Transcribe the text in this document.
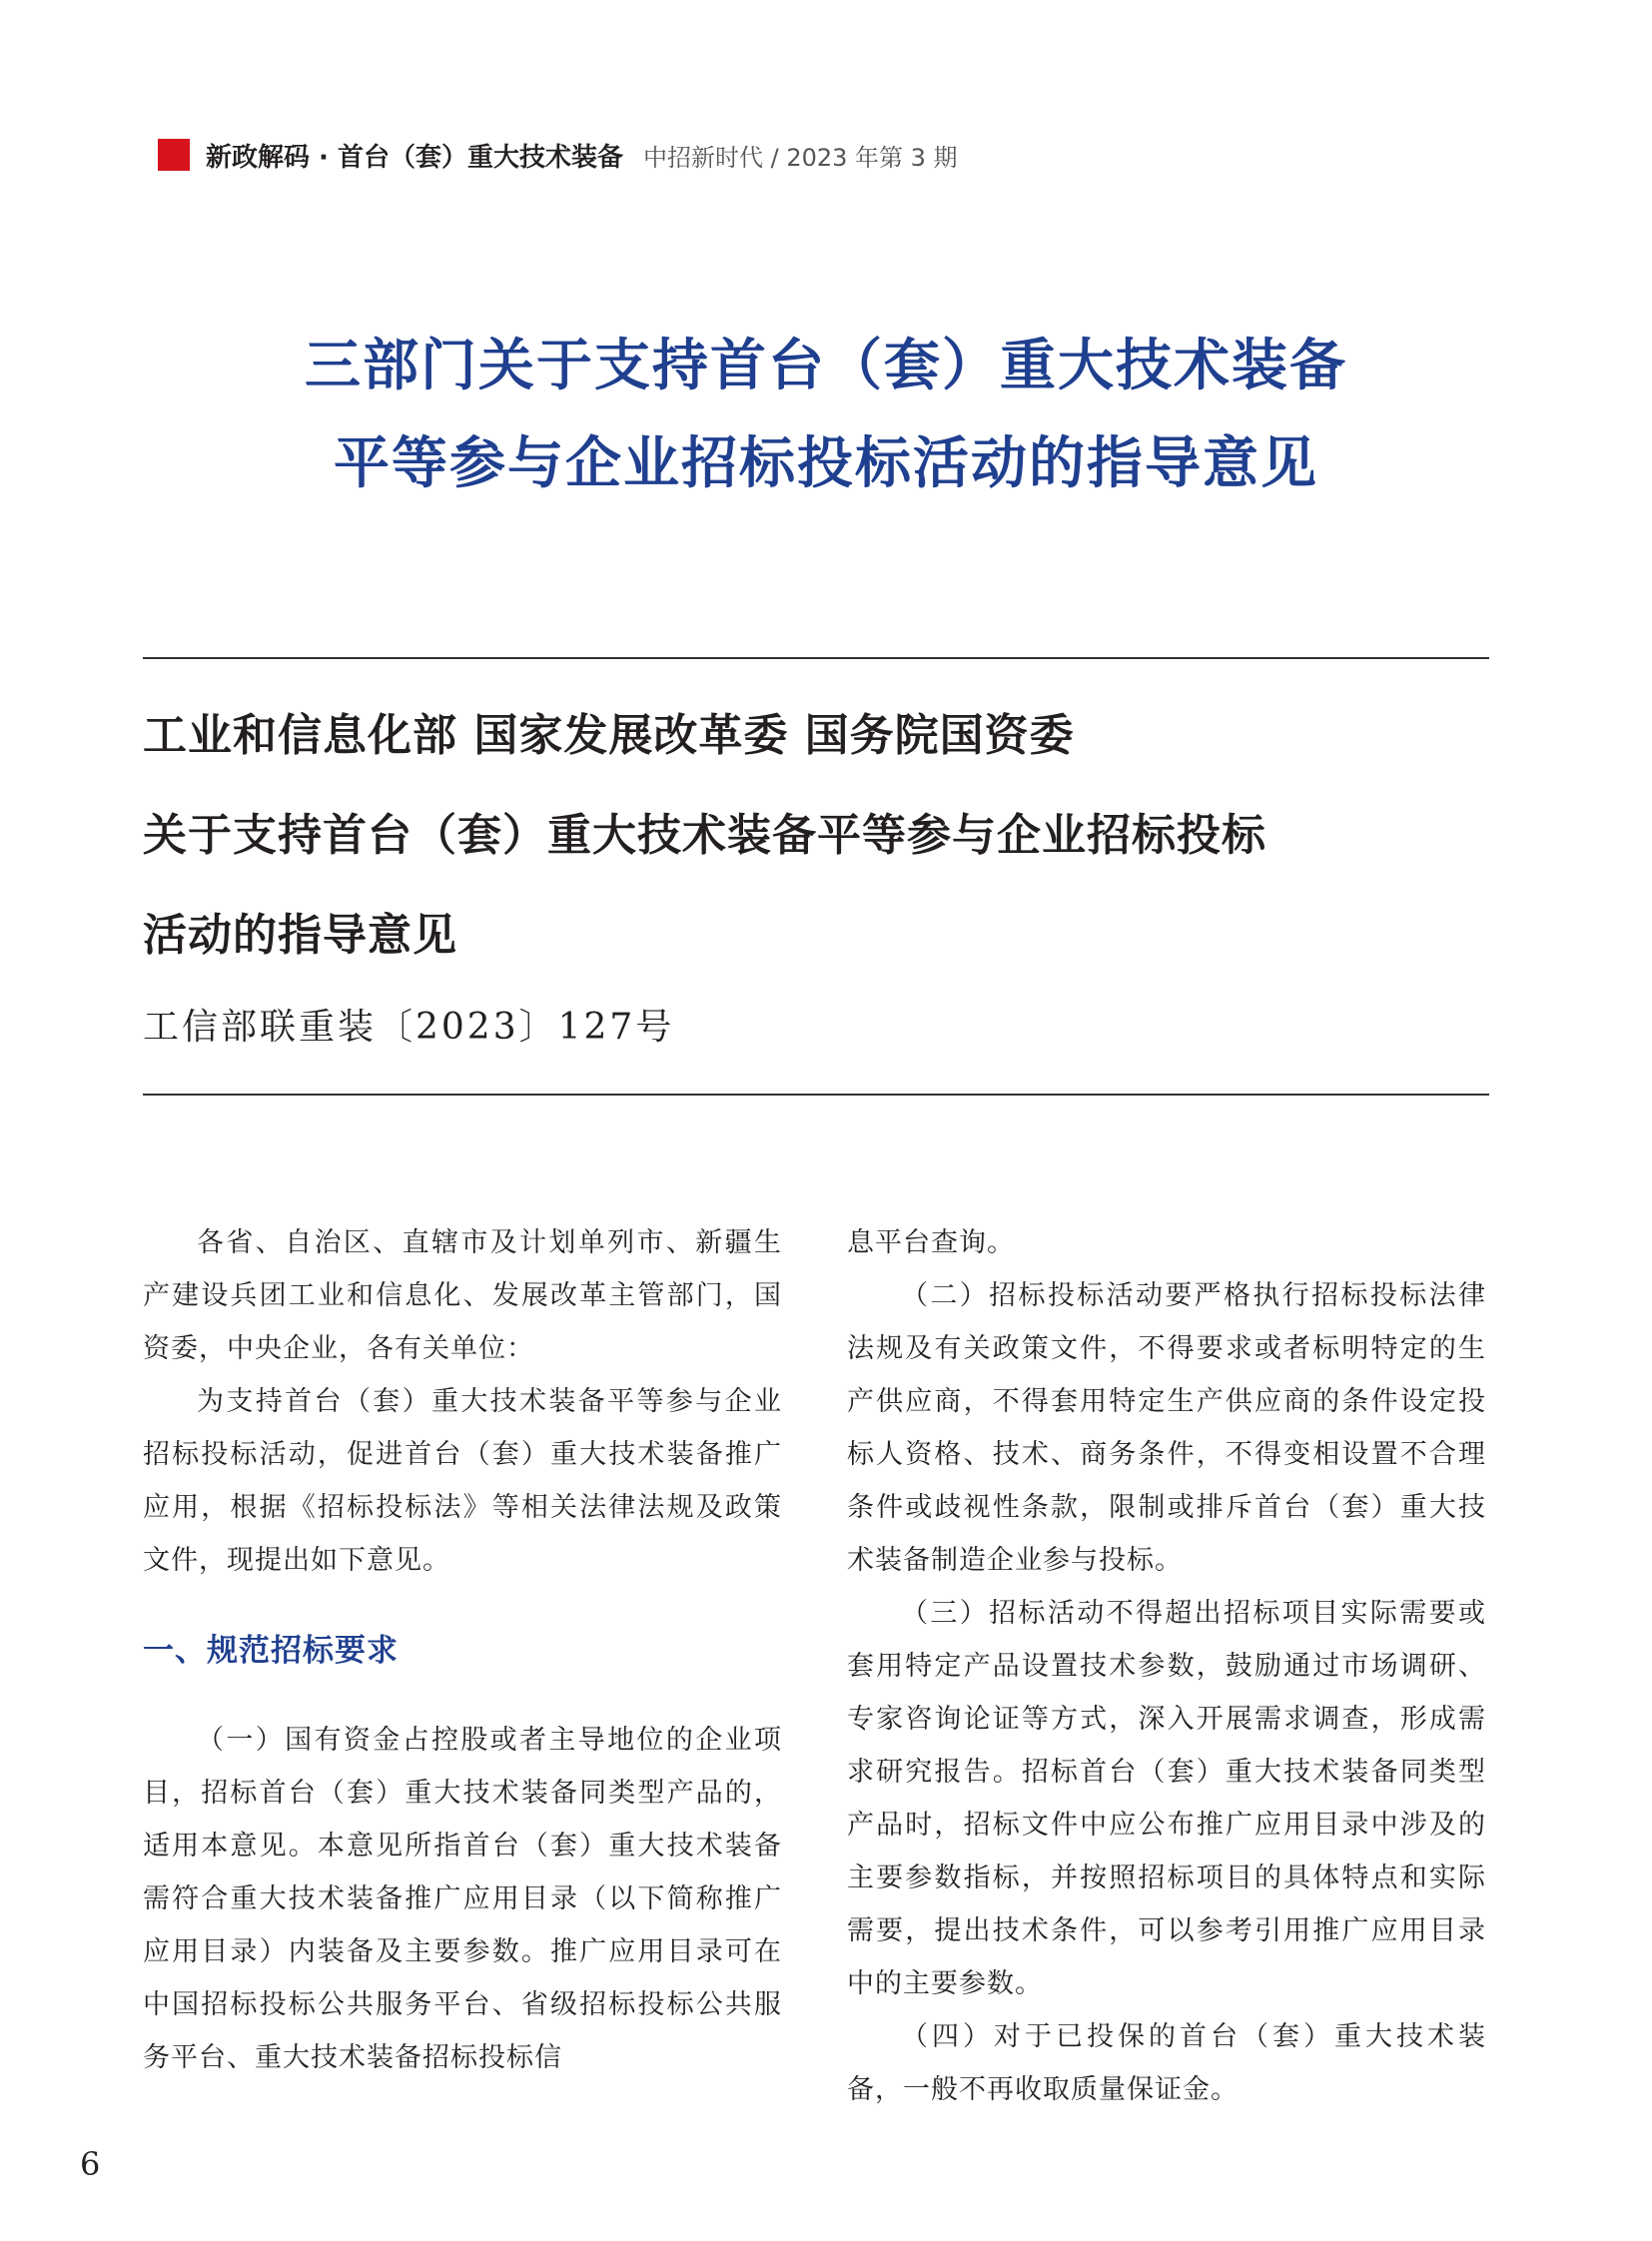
新政解码 · 首台（套）重大技术装备 中招新时代 / 2023 年第 3 期
三部门关于支持首台（套）重大技术装备
平等参与企业招标投标活动的指导意见
工业和信息化部 国家发展改革委 国务院国资委
关于支持首台（套）重大技术装备平等参与企业招标投标
活动的指导意见
工信部联重装〔2023〕127号

各省、自治区、直辖市及计划单列市、新疆生产建设兵团工业和信息化、发展改革主管部门，国资委，中央企业，各有关单位：

为支持首台（套）重大技术装备平等参与企业招标投标活动，促进首台（套）重大技术装备推广应用，根据《招标投标法》等相关法律法规及政策文件，现提出如下意见。

一、规范招标要求

（一）国有资金占控股或者主导地位的企业项目，招标首台（套）重大技术装备同类型产品的，适用本意见。本意见所指首台（套）重大技术装备需符合重大技术装备推广应用目录（以下简称推广应用目录）内装备及主要参数。推广应用目录可在中国招标投标公共服务平台、省级招标投标公共服务平台、重大技术装备招标投标信

息平台查询。

（二）招标投标活动要严格执行招标投标法律法规及有关政策文件，不得要求或者标明特定的生产供应商，不得套用特定生产供应商的条件设定投标人资格、技术、商务条件，不得变相设置不合理条件或歧视性条款，限制或排斥首台（套）重大技术装备制造企业参与投标。

（三）招标活动不得超出招标项目实际需要或套用特定产品设置技术参数，鼓励通过市场调研、专家咨询论证等方式，深入开展需求调查，形成需求研究报告。招标首台（套）重大技术装备同类型产品时，招标文件中应公布推广应用目录中涉及的主要参数指标，并按照招标项目的具体特点和实际需要，提出技术条件，可以参考引用推广应用目录中的主要参数。

（四）对于已投保的首台（套）重大技术装备，一般不再收取质量保证金。

6
